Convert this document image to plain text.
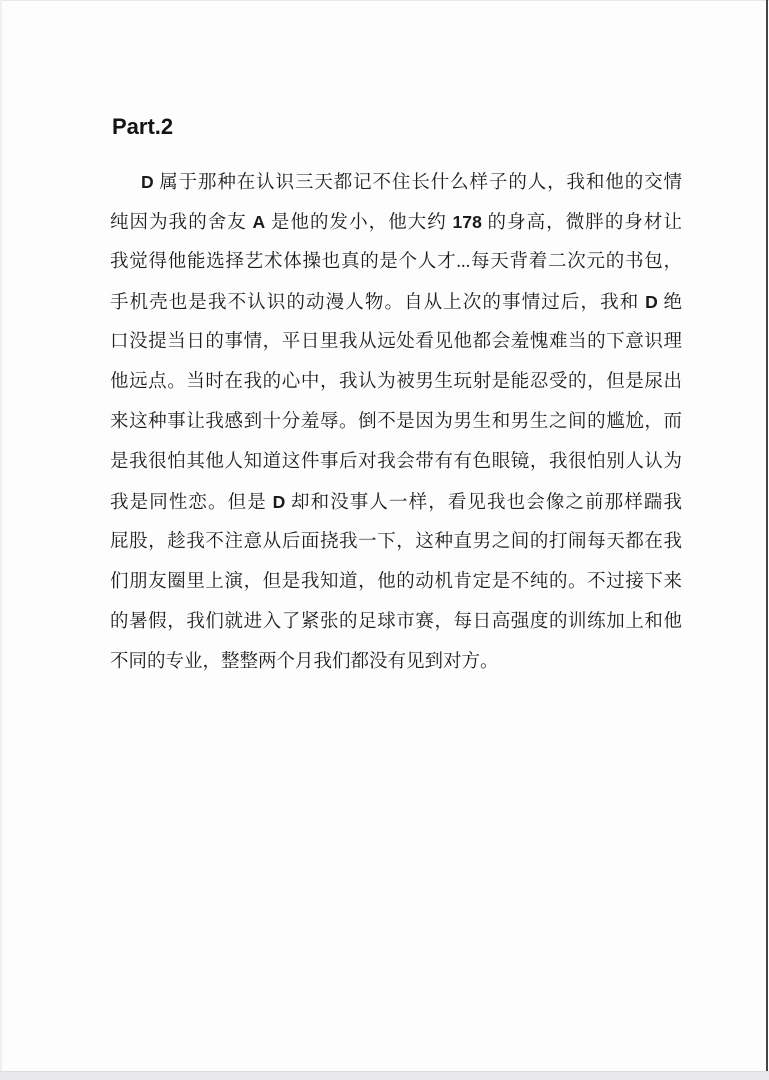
Part.2
D 属于那种在认识三天都记不住长什么样子的人，我和他的交情
纯因为我的舍友 A 是他的发小，他大约 178 的身高，微胖的身材让
我觉得他能选择艺术体操也真的是个人才...每天背着二次元的书包，
手机壳也是我不认识的动漫人物。自从上次的事情过后，我和 D 绝
口没提当日的事情，平日里我从远处看见他都会羞愧难当的下意识理
他远点。当时在我的心中，我认为被男生玩射是能忍受的，但是尿出
来这种事让我感到十分羞辱。倒不是因为男生和男生之间的尴尬，而
是我很怕其他人知道这件事后对我会带有有色眼镜，我很怕别人认为
我是同性恋。但是 D 却和没事人一样，看见我也会像之前那样踹我
屁股，趁我不注意从后面挠我一下，这种直男之间的打闹每天都在我
们朋友圈里上演，但是我知道，他的动机肯定是不纯的。不过接下来
的暑假，我们就进入了紧张的足球市赛，每日高强度的训练加上和他
不同的专业，整整两个月我们都没有见到对方。
